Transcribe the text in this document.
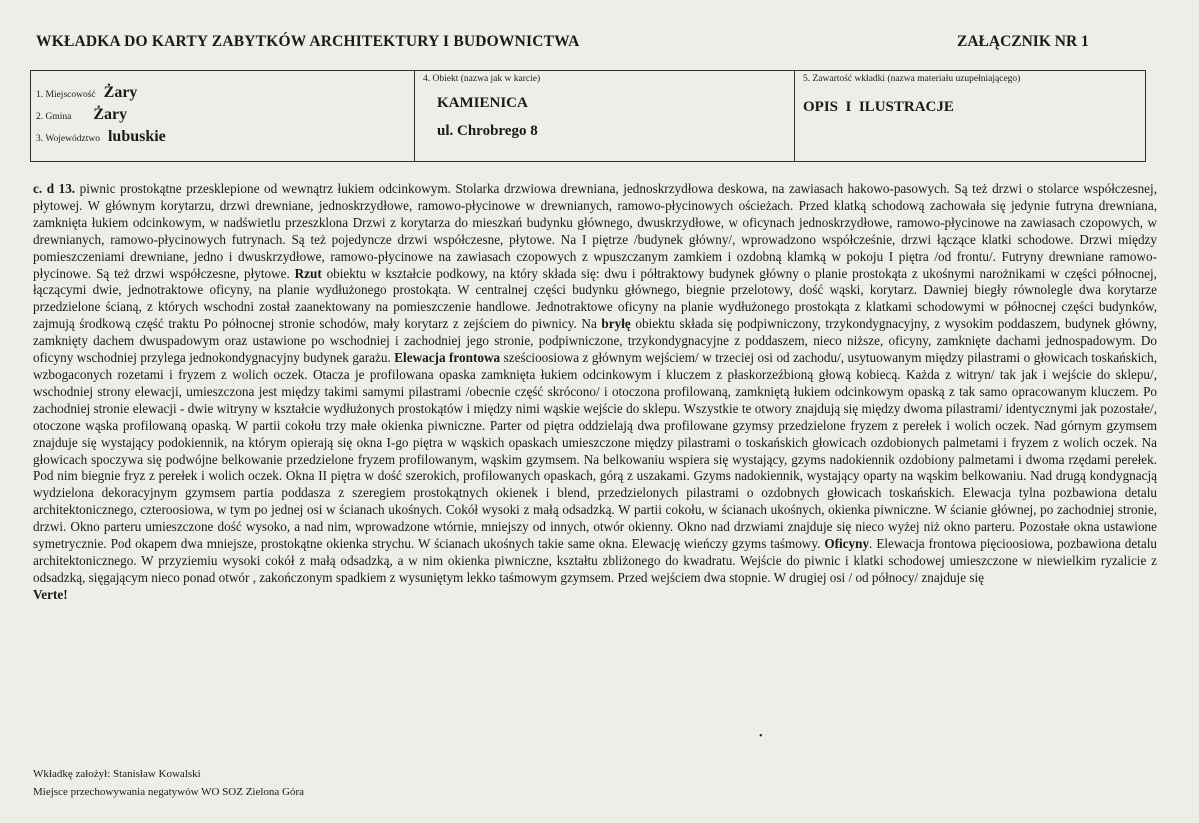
WKŁADKA DO KARTY ZABYTKÓW ARCHITEKTURY I BUDOWNICTWA	ZAŁĄCZNIK NR 1
1. Miejscowość Żary
2. Gmina Żary
3. Województwo lubuskie
4. Obiekt (nazwa jak w karcie)
KAMIENICA
ul. Chrobrego 8
5. Zawartość wkładki (nazwa materiału uzupełniającego)
OPIS  I  ILUSTRACJE
c. d 13. piwnic prostokątne przesklepione od wewnątrz łukiem odcinkowym. Stolarka drzwiowa drewniana, jednoskrzydłowa deskowa, na zawiasach hakowo-pasowych. Są też drzwi o stolarce współczesnej, płytowej. W głównym korytarzu, drzwi drewniane, jednoskrzydłowe, ramowo-płycinowe w drewnianych, ramowo-płycinowych ościeżach. Przed klatką schodową zachowała się jedynie futryna drewniana, zamknięta łukiem odcinkowym, w nadświetlu przeszklona Drzwi z korytarza do mieszkań budynku głównego, dwuskrzydłowe, w oficynach jednoskrzydłowe, ramowo-płycinowe na zawiasach czopowych, w drewnianych, ramowo-płycinowych futrynach. Są też pojedyncze drzwi współczesne, płytowe. Na I piętrze /budynek główny/, wprowadzono współcześnie, drzwi łączące klatki schodowe. Drzwi między pomieszczeniami drewniane, jedno i dwuskrzydłowe, ramowo-płycinowe na zawiasach czopowych z wpuszczanym zamkiem i ozdobną klamką w pokoju I piętra /od frontu/. Futryny drewniane ramowo-płycinowe. Są też drzwi współczesne, płytowe. Rzut obiektu w kształcie podkowy, na który składa się: dwu i półtraktowy budynek główny o planie prostokąta z ukośnymi narożnikami w części północnej, łączącymi dwie, jednotraktowe oficyny, na planie wydłużonego prostokąta. W centralnej części budynku głównego, biegnie przelotowy, dość wąski, korytarz. Dawniej biegły równolegle dwa korytarze przedzielone ścianą, z których wschodni został zaanektowany na pomieszczenie handlowe. Jednotraktowe oficyny na planie wydłużonego prostokąta z klatkami schodowymi w północnej części budynków, zajmują środkową część traktu Po północnej stronie schodów, mały korytarz z zejściem do piwnicy. Na bryłę obiektu składa się podpiwniczony, trzykondygnacyjny, z wysokim poddaszem, budynek główny, zamknięty dachem dwuspadowym oraz ustawione po wschodniej i zachodniej jego stronie, podpiwniczone, trzykondygnacyjne z poddaszem, nieco niższe, oficyny, zamknięte dachami jednospadowym. Do oficyny wschodniej przylega jednokondygnacyjny budynek garażu. Elewacja frontowa sześcioosiowa z głównym wejściem/ w trzeciej osi od zachodu/, usytuowanym między pilastrami o głowicach toskańskich, wzbogaconych rozetami i fryzem z wolich oczek. Otacza je profilowana opaska zamknięta łukiem odcinkowym i kluczem z płaskorzeźbioną głową kobiecą. Każda z witryn/ tak jak i wejście do sklepu/, wschodniej strony elewacji, umieszczona jest między takimi samymi pilastrami /obecnie część skrócono/ i otoczona profilowaną, zamkniętą łukiem odcinkowym opaską z tak samo opracowanym kluczem. Po zachodniej stronie elewacji - dwie witryny w kształcie wydłużonych prostokątów i między nimi wąskie wejście do sklepu. Wszystkie te otwory znajdują się między dwoma pilastrami/ identycznymi jak pozostałe/, otoczone wąska profilowaną opaską. W partii cokołu trzy małe okienka piwniczne. Parter od piętra oddzielają dwa profilowane gzymsy przedzielone fryzem z perełek i wolich oczek. Nad górnym gzymsem znajduje się wystający podokiennik, na którym opierają się okna I-go piętra w wąskich opaskach umieszczone między pilastrami o toskańskich głowicach ozdobionych palmetami i fryzem z wolich oczek. Na głowicach spoczywa się podwójne belkowanie przedzielone fryzem profilowanym, wąskim gzymsem. Na belkowaniu wspiera się wystający, gzyms nadokiennik ozdobiony palmetami i dwoma rzędami perełek. Pod nim biegnie fryz z perełek i wolich oczek. Okna II piętra w dość szerokich, profilowanych opaskach, górą z uszakami. Gzyms nadokiennik, wystający oparty na wąskim belkowaniu. Nad drugą kondygnacją wydzielona dekoracyjnym gzymsem partia poddasza z szeregiem prostokątnych okienek i blend, przedzielonych pilastrami o ozdobnych głowicach toskańskich. Elewacja tylna pozbawiona detalu architektonicznego, czteroosiowa, w tym po jednej osi w ścianach ukośnych. Cokół wysoki z małą odsadzką. W partii cokołu, w ścianach ukośnych, okienka piwniczne. W ścianie głównej, po zachodniej stronie, drzwi. Okno parteru umieszczone dość wysoko, a nad nim, wprowadzone wtórnie, mniejszy od innych, otwór okienny. Okno nad drzwiami znajduje się nieco wyżej niż okno parteru. Pozostałe okna ustawione symetrycznie. Pod okapem dwa mniejsze, prostokątne okienka strychu. W ścianach ukośnych takie same okna. Elewację wieńczy gzyms taśmowy. Oficyny. Elewacja frontowa pięcioosiowa, pozbawiona detalu architektonicznego. W przyziemiu wysoki cokół z małą odsadzką, a w nim okienka piwniczne, kształtu zbliżonego do kwadratu. Wejście do piwnic i klatki schodowej umieszczone w niewielkim ryzalicie z odsadzką, sięgającym nieco ponad otwór , zakończonym spadkiem z wysuniętym lekko taśmowym gzymsem. Przed wejściem dwa stopnie. W drugiej osi / od północy/ znajduje się
Verte!
•
Wkładkę założył: Stanisław Kowalski
Miejsce przechowywania negatywów WO SOZ Zielona Góra
